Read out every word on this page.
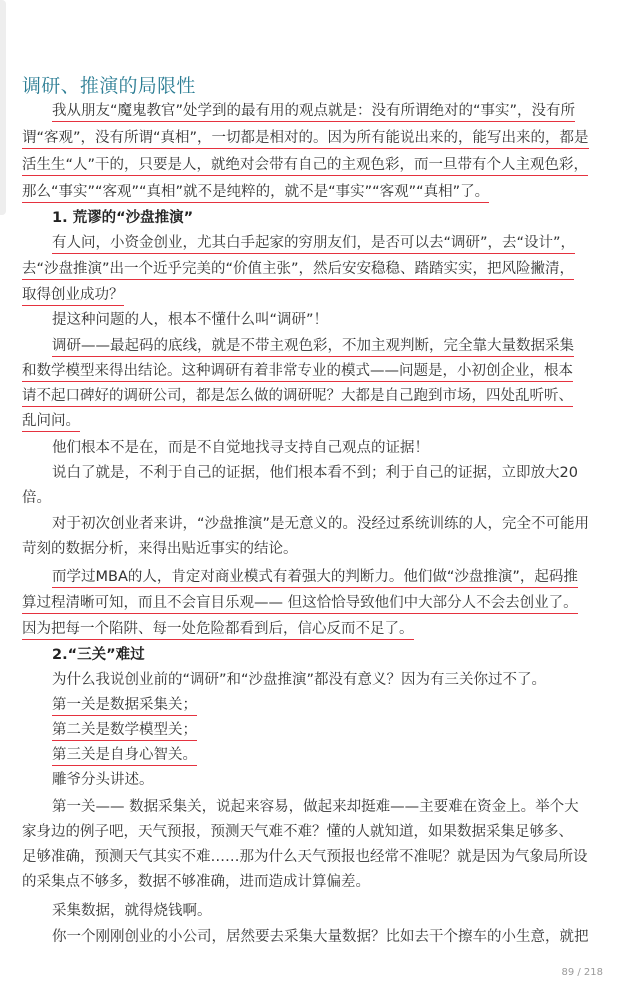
调研、推演的局限性
我从朋友“魔鬼教官”处学到的最有用的观点就是：没有所谓绝对的“事实”，没有所
谓“客观”，没有所谓“真相”，一切都是相对的。因为所有能说出来的，能写出来的，都是
活生生“人”干的，只要是人，就绝对会带有自己的主观色彩，而一旦带有个人主观色彩，
那么“事实”“客观”“真相”就不是纯粹的，就不是“事实”“客观”“真相”了。
1. 荒谬的“沙盘推演”
有人问，小资金创业，尤其白手起家的穷朋友们，是否可以去“调研”，去“设计”，
去“沙盘推演”出一个近乎完美的“价值主张”，然后安安稳稳、踏踏实实，把风险撇清，
取得创业成功？
提这种问题的人，根本不懂什么叫“调研”！
调研——最起码的底线，就是不带主观色彩，不加主观判断，完全靠大量数据采集
和数学模型来得出结论。这种调研有着非常专业的模式——问题是，小初创企业，根本
请不起口碑好的调研公司，都是怎么做的调研呢？大都是自己跑到市场，四处乱听听、
乱问问。
他们根本不是在，而是不自觉地找寻支持自己观点的证据！
说白了就是，不利于自己的证据，他们根本看不到；利于自己的证据，立即放大20
倍。
对于初次创业者来讲，“沙盘推演”是无意义的。没经过系统训练的人，完全不可能用
苛刻的数据分析，来得出贴近事实的结论。
而学过MBA的人，肯定对商业模式有着强大的判断力。他们做“沙盘推演”，起码推
算过程清晰可知，而且不会盲目乐观—— 但这恰恰导致他们中大部分人不会去创业了。
因为把每一个陷阱、每一处危险都看到后，信心反而不足了。
2.“三关”难过
为什么我说创业前的“调研”和“沙盘推演”都没有意义？因为有三关你过不了。
第一关是数据采集关；
第二关是数学模型关；
第三关是自身心智关。
雕爷分头讲述。
第一关—— 数据采集关，说起来容易，做起来却挺难——主要难在资金上。举个大
家身边的例子吧，天气预报，预测天气难不难？懂的人就知道，如果数据采集足够多、
足够准确，预测天气其实不难……那为什么天气预报也经常不准呢？就是因为气象局所设
的采集点不够多，数据不够准确，进而造成计算偏差。
采集数据，就得烧钱啊。
你一个刚刚创业的小公司，居然要去采集大量数据？比如去干个擦车的小生意，就把
89 / 218
